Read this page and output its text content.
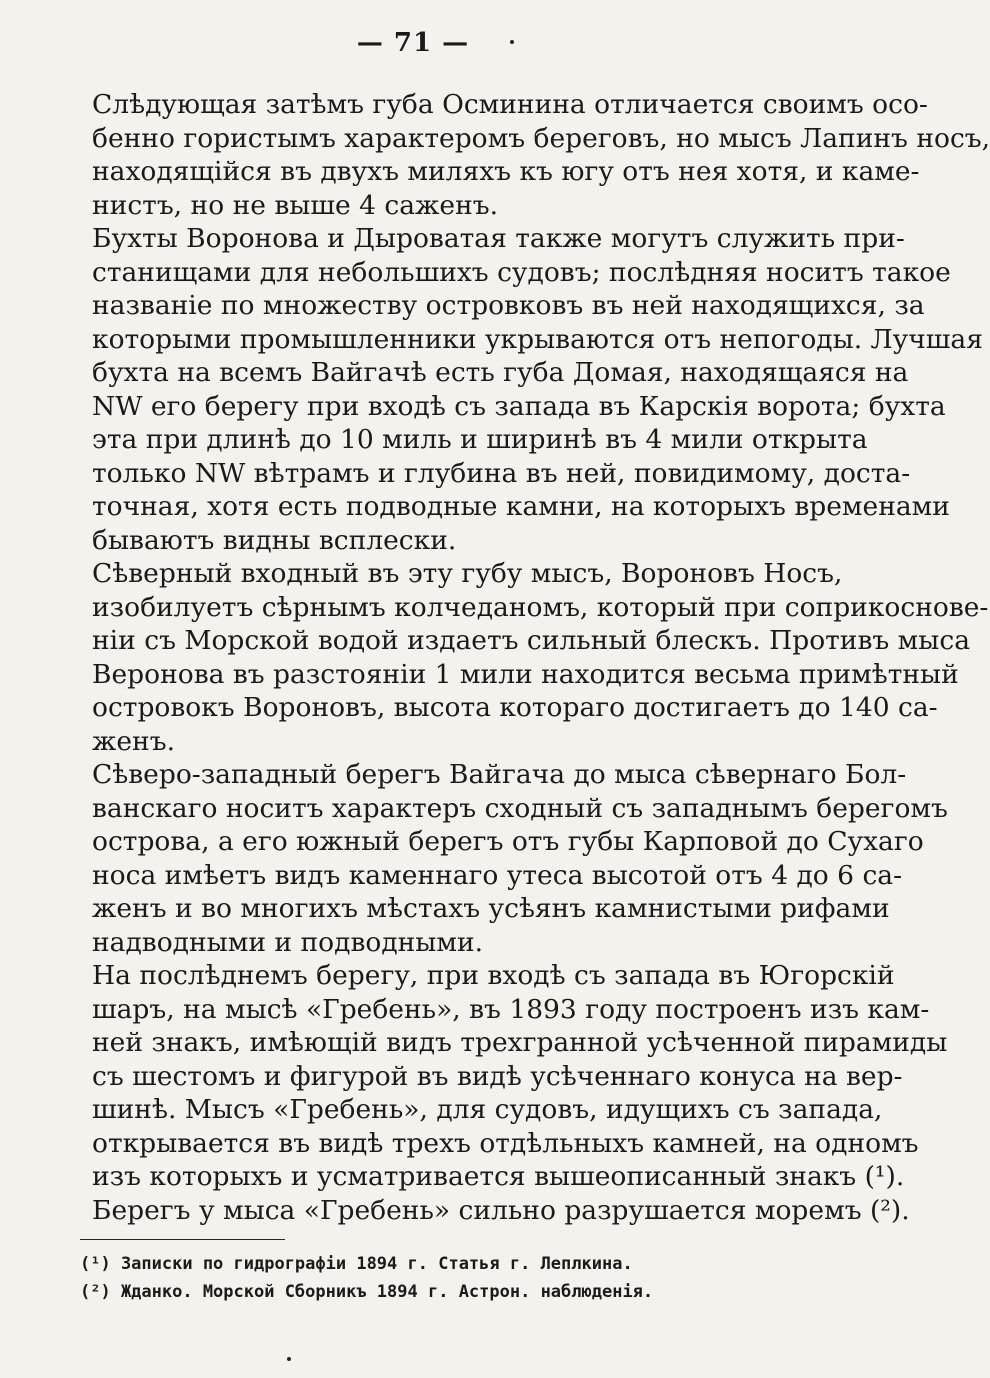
— 71 —
Слѣдующая затѣмъ губа Осминина отличается своимъ осо-
бенно гористымъ характеромъ береговъ, но мысъ Лапинъ носъ,
находящійся въ двухъ миляхъ къ югу отъ нея хотя, и каме-
нистъ, но не выше 4 саженъ.
Бухты Воронова и Дыроватая также могутъ служить при-
станищами для небольшихъ судовъ; послѣдняя носитъ такое
названіе по множеству островковъ въ ней находящихся, за
которыми промышленники укрываются отъ непогоды. Лучшая
бухта на всемъ Вайгачѣ есть губа Домая, находящаяся на
NW его берегу при входѣ съ запада въ Карскія ворота; бухта
эта при длинѣ до 10 миль и ширинѣ въ 4 мили открыта
только NW вѣтрамъ и глубина въ ней, повидимому, доста-
точная, хотя есть подводные камни, на которыхъ временами
бываютъ видны всплески.
Сѣверный входный въ эту губу мысъ, Вороновъ Носъ,
изобилуетъ сѣрнымъ колчеданомъ, который при соприкосновe-
ніи съ Морской водой издаетъ сильный блескъ. Противъ мыса
Веронова въ разстояніи 1 мили находится весьма примѣтный
островокъ Вороновъ, высота котораго достигаетъ до 140 са-
женъ.
Сѣверо-западный берегъ Вайгача до мыса сѣвернаго Бол-
ванскаго носитъ характеръ сходный съ западнымъ берегомъ
острова, а его южный берегъ отъ губы Карповой до Сухаго
носа имѣетъ видъ каменнаго утеса высотой отъ 4 до 6 са-
женъ и во многихъ мѣстахъ усѣянъ камнистыми рифами
надводными и подводными.
На послѣднемъ берегу, при входѣ съ запада въ Югорскій
шаръ, на мысѣ «Гребень», въ 1893 году построенъ изъ кам-
ней знакъ, имѣющій видъ трехгранной усѣченной пирамиды
съ шестомъ и фигурой въ видѣ усѣченнаго конуса на вер-
шинѣ. Мысъ «Гребень», для судовъ, идущихъ съ запада,
открывается въ видѣ трехъ отдѣльныхъ камней, на одномъ
изъ которыхъ и усматривается вышеописанный знакъ (¹).
Берегъ у мыса «Гребень» сильно разрушается моремъ (²).
(¹) Записки по гидрографіи 1894 г. Статья г. Леплкина.
(²) Жданко. Морской Сборникъ 1894 г. Астрон. наблюденія.
